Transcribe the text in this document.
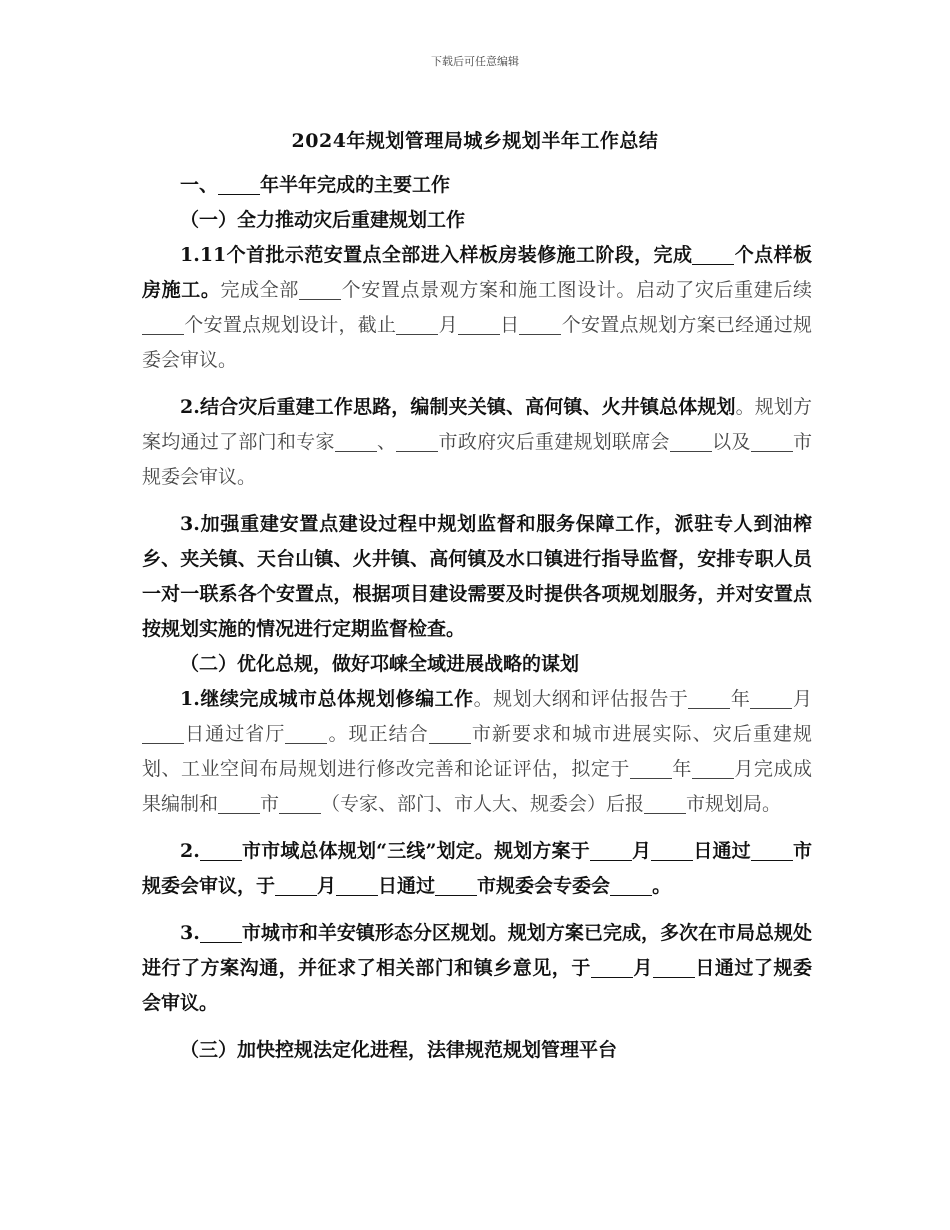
下载后可任意编辑
2024年规划管理局城乡规划半年工作总结

一、 年半年完成的主要工作

（一）全力推动灾后重建规划工作

1.11个首批示范安置点全部进入样板房装修施工阶段，完成 个点样板房施工。完成全部 个安置点景观方案和施工图设计。启动了灾后重建后续个安置点规划设计，截止 月 日 个安置点规划方案已经通过规委会审议。

2.结合灾后重建工作思路，编制夹关镇、高何镇、火井镇总体规划。规划方案均通过了部门和专家 、 市政府灾后重建规划联席会 以及 市规委会审议。

3.加强重建安置点建设过程中规划监督和服务保障工作，派驻专人到油榨乡、夹关镇、天台山镇、火井镇、高何镇及水口镇进行指导监督，安排专职人员一对一联系各个安置点，根据项目建设需要及时提供各项规划服务，并对安置点按规划实施的情况进行定期监督检查。

（二）优化总规，做好邛崃全域进展战略的谋划

1.继续完成城市总体规划修编工作。规划大纲和评估报告于 年 月日通过省厅 。现正结合 市新要求和城市进展实际、灾后重建规划、工业空间布局规划进行修改完善和论证评估，拟定于 年 月完成成果编制和 市 （专家、部门、市人大、规委会）后报 市规划局。

2. 市市域总体规划“三线”划定。规划方案于 月 日通过 市规委会审议，于 月 日通过 市规委会专委会 。

3. 市城市和羊安镇形态分区规划。规划方案已完成，多次在市局总规处进行了方案沟通，并征求了相关部门和镇乡意见，于 月 日通过了规委会审议。

（三）加快控规法定化进程，法律规范规划管理平台
